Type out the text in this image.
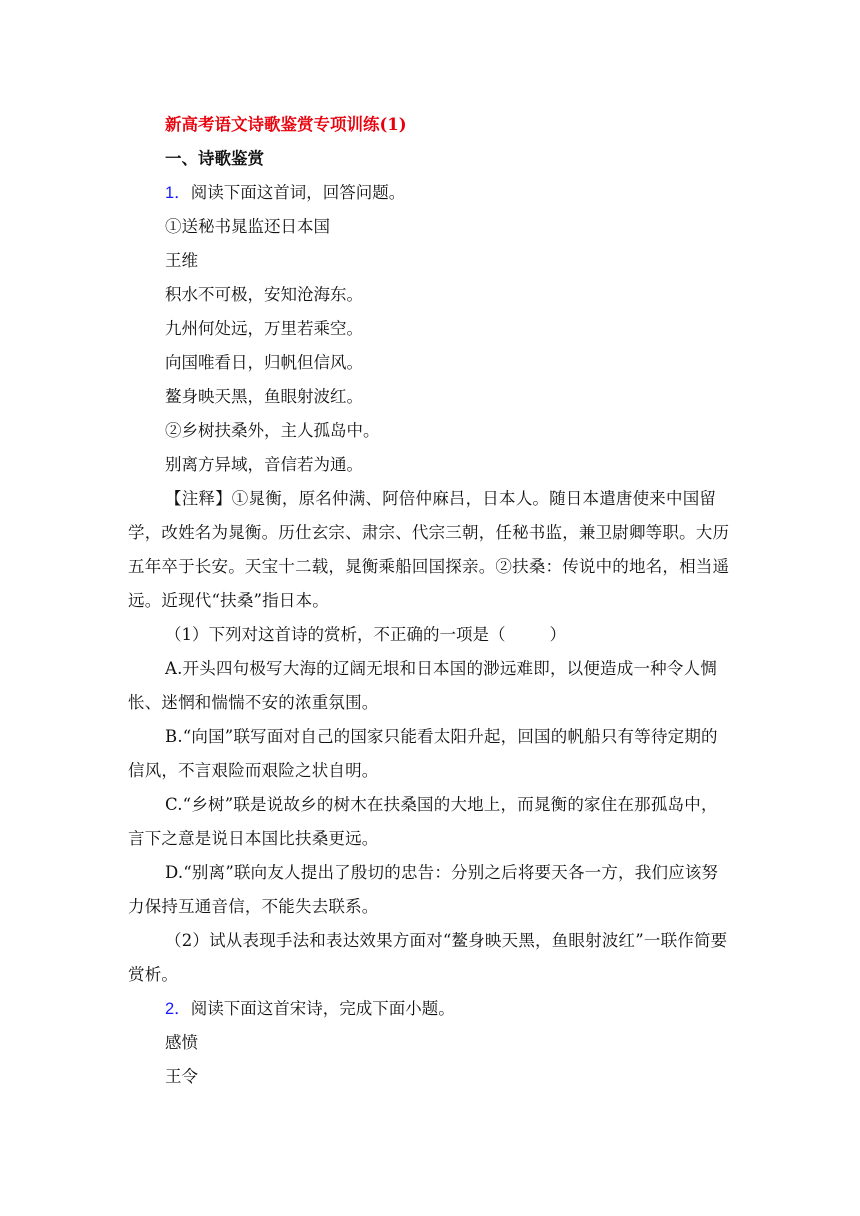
新高考语文诗歌鉴赏专项训练(1)
一、诗歌鉴赏
1．阅读下面这首词，回答问题。
①送秘书晁监还日本国
王维
积水不可极，安知沧海东。
九州何处远，万里若乘空。
向国唯看日，归帆但信风。
鳌身映天黑，鱼眼射波红。
②乡树扶桑外，主人孤岛中。
别离方异域，音信若为通。
【注释】①晁衡，原名仲满、阿倍仲麻吕，日本人。随日本遣唐使来中国留学，改姓名为晁衡。历仕玄宗、肃宗、代宗三朝，任秘书监，兼卫尉卿等职。大历五年卒于长安。天宝十二载，晁衡乘船回国探亲。②扶桑：传说中的地名，相当遥远。近现代“扶桑”指日本。
（1）下列对这首诗的赏析，不正确的一项是（	）
A.开头四句极写大海的辽阔无垠和日本国的渺远难即，以便造成一种令人惆怅、迷惘和惴惴不安的浓重氛围。
B.“向国”联写面对自己的国家只能看太阳升起，回国的帆船只有等待定期的信风，不言艰险而艰险之状自明。
C.“乡树”联是说故乡的树木在扶桑国的大地上，而晁衡的家住在那孤岛中，言下之意是说日本国比扶桑更远。
D.“别离”联向友人提出了殷切的忠告：分别之后将要天各一方，我们应该努力保持互通音信，不能失去联系。
（2）试从表现手法和表达效果方面对“鳌身映天黑，鱼眼射波红”一联作简要赏析。
2．阅读下面这首宋诗，完成下面小题。
感愤
王令
